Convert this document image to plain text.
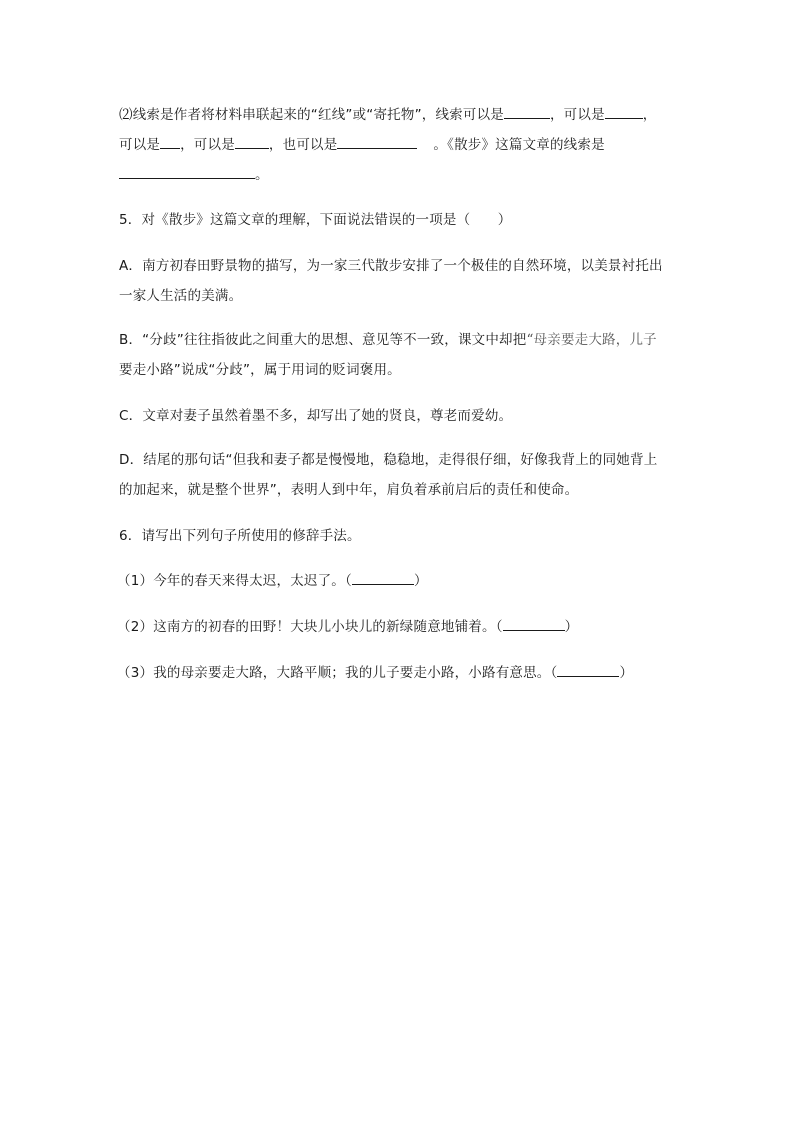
⑵线索是作者将材料串联起来的“红线”或“寄托物”，线索可以是	，可以是	，
可以是 ，可以是	，也可以是	。《散步》这篇文章的线索是
。
5．对《散步》这篇文章的理解，下面说法错误的一项是（　　）
A．南方初春田野景物的描写，为一家三代散步安排了一个极佳的自然环境，以美景衬托出
一家人生活的美满。
B．“分歧”往往指彼此之间重大的思想、意见等不一致，课文中却把“母亲要走大路，儿子
要走小路”说成“分歧”，属于用词的贬词褒用。
C．文章对妻子虽然着墨不多，却写出了她的贤良，尊老而爱幼。
D．结尾的那句话“但我和妻子都是慢慢地，稳稳地，走得很仔细，好像我背上的同她背上
的加起来，就是整个世界”，表明人到中年，肩负着承前启后的责任和使命。
6．请写出下列句子所使用的修辞手法。
（1）今年的春天来得太迟，太迟了。（	）
（2）这南方的初春的田野！大块儿小块儿的新绿随意地铺着。（	）
（3）我的母亲要走大路，大路平顺；我的儿子要走小路，小路有意思。（	）
